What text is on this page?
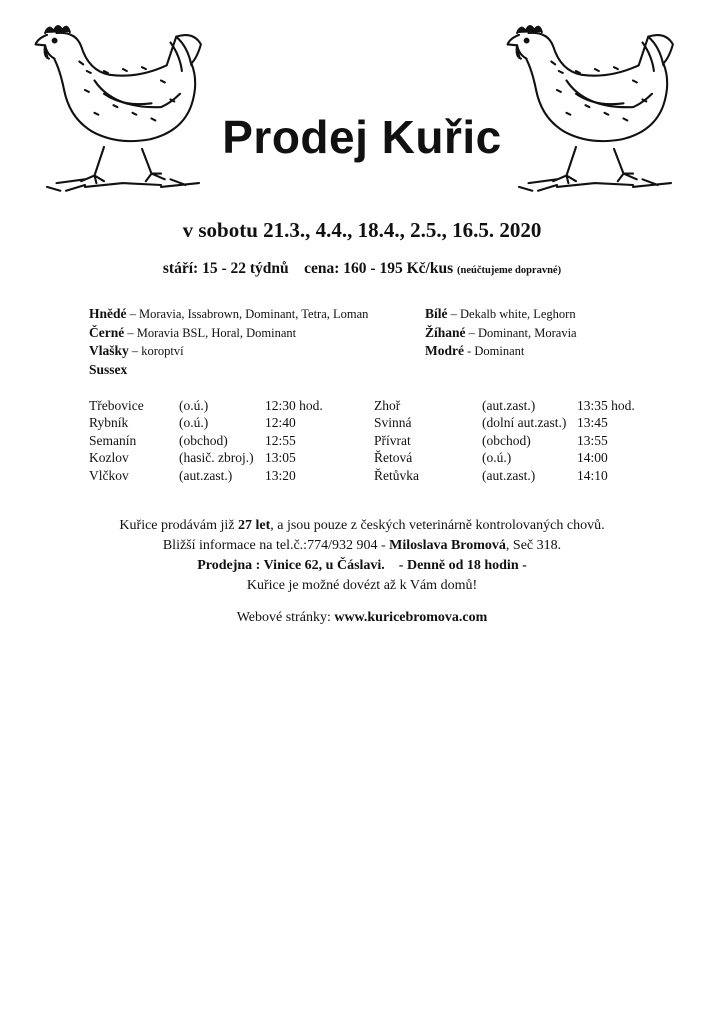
Prodej Kuřic
v sobotu 21.3., 4.4., 18.4., 2.5., 16.5. 2020
stáří: 15 - 22 týdnů cena: 160 - 195 Kč/kus (neúčtujeme dopravné)
Hnědé – Moravia, Issabrown, Dominant, Tetra, Loman
Černé – Moravia BSL, Horal, Dominant
Vlašky – koroptví
Sussex
Bílé – Dekalb white, Leghorn
Žíhané – Dominant, Moravia
Modré - Dominant
Třebovice	(o.ú.)	12:30 hod.
Rybník	(o.ú.)	12:40
Semanín	(obchod)	12:55
Kozlov	(hasič. zbroj.)	13:05
Vlčkov	(aut.zast.)	13:20
Zhoř	(aut.zast.)	13:35 hod.
Svinná	(dolní aut.zast.)	13:45
Přívrat	(obchod)	13:55
Řetová	(o.ú.)	14:00
Řetůvka	(aut.zast.)	14:10
Kuřice prodávám již 27 let, a jsou pouze z českých veterinárně kontrolovaných chovů.
Bližší informace na tel.č.:774/932 904 - Miloslava Bromová, Seč 318.
Prodejna : Vinice 62, u Čáslavi.    - Denně od 18 hodin -
Kuřice je možné dovézt až k Vám domů!
Webové stránky: www.kuricebromova.com
